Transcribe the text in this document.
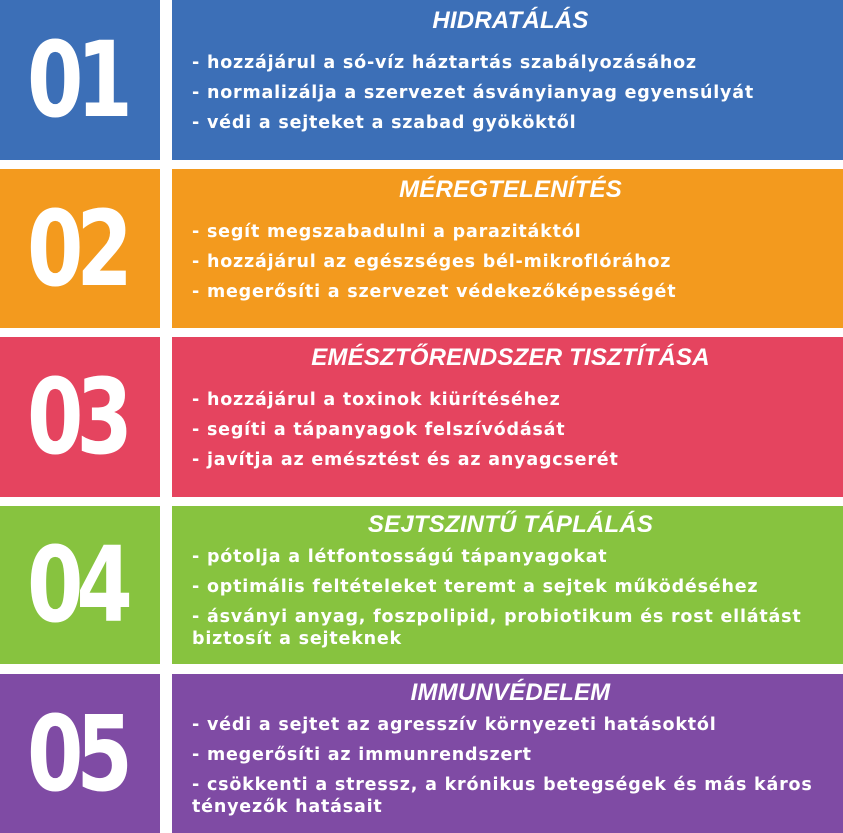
01	HIDRATÁLÁS
- hozzájárul a só-víz háztartás szabályozásához
- normalizálja a szervezet ásványianyag egyensúlyát
- védi a sejteket a szabad gyököktől
02	MÉREGTELENÍTÉS
- segít megszabadulni a parazitáktól
- hozzájárul az egészséges bél-mikroflórához
- megerősíti a szervezet védekezőképességét
03	EMÉSZTŐRENDSZER TISZTÍTÁSA
- hozzájárul a toxinok kiürítéséhez
- segíti a tápanyagok felszívódását
- javítja az emésztést és az anyagcserét
04	SEJTSZINTŰ TÁPLÁLÁS
- pótolja a létfontosságú tápanyagokat
- optimális feltételeket teremt a sejtek működéséhez
- ásványi anyag, foszpolipid, probiotikum és rost ellátást biztosít a sejteknek
05	IMMUNVÉDELEM
- védi a sejtet az agresszív környezeti hatásoktól
- megerősíti az immunrendszert
- csökkenti a stressz, a krónikus betegségek és más káros tényezők hatásait
